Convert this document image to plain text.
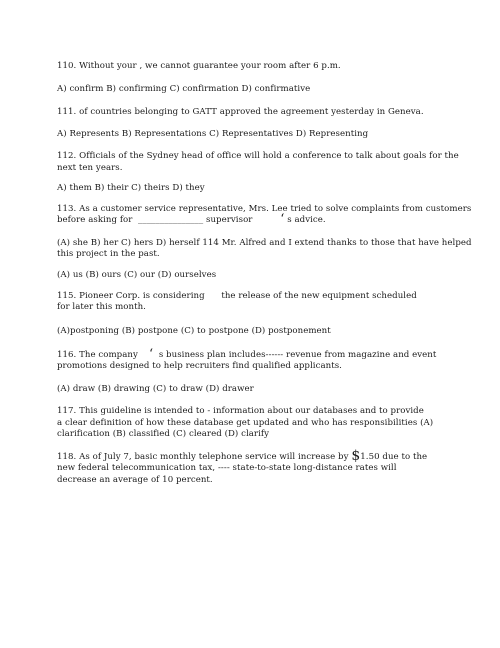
110. Without your , we cannot guarantee your room after 6 p.m.
A) confirm B) confirming C) confirmation D) confirmative
111. of countries belonging to GATT approved the agreement yesterday in Geneva.
A) Represents B) Representations C) Representatives D) Representing
112. Officials of the Sydney head of office will hold a conference to talk about goals for the
next ten years.
A) them B) their C) theirs D) they
113. As a customer service representative, Mrs. Lee tried to solve complaints from customers
before asking for _______________ supervisor ‘ s advice.
(A) she B) her C) hers D) herself 114 Mr. Alfred and I extend thanks to those that have helped
this project in the past.
(A) us (B) ours (C) our (D) ourselves
115. Pioneer Corp. is considering the release of the new equipment scheduled
for later this month.
(A)postponing (B) postpone (C) to postpone (D) postponement
116. The company ‘ s business plan includes------ revenue from magazine and event
promotions designed to help recruiters find qualified applicants.
(A) draw (B) drawing (C) to draw (D) drawer
117. This guideline is intended to - information about our databases and to provide
a clear definition of how these database get updated and who has responsibilities (A)
clarification (B) classified (C) cleared (D) clarify
118. As of July 7, basic monthly telephone service will increase by $1.50 due to the
new federal telecommunication tax, ---- state-to-state long-distance rates will
decrease an average of 10 percent.
